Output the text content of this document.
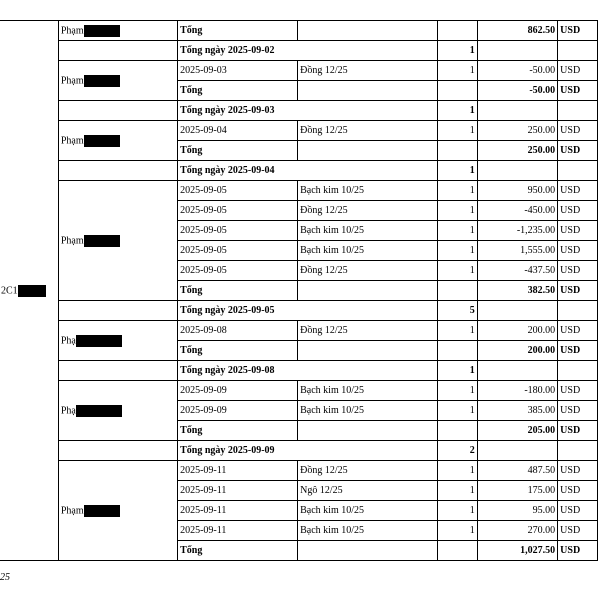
2C1	Phạm	Tổng			862.50	USD
		Tổng ngày 2025-09-02		1		
	Phạm	2025-09-03	Đồng 12/25	1	-50.00	USD
		Tổng			-50.00	USD
		Tổng ngày 2025-09-03		1		
	Phạm	2025-09-04	Đồng 12/25	1	250.00	USD
		Tổng			250.00	USD
		Tổng ngày 2025-09-04		1		
	Phạm	2025-09-05	Bạch kim 10/25	1	950.00	USD
		2025-09-05	Đồng 12/25	1	-450.00	USD
		2025-09-05	Bạch kim 10/25	1	-1,235.00	USD
		2025-09-05	Bạch kim 10/25	1	1,555.00	USD
		2025-09-05	Đồng 12/25	1	-437.50	USD
		Tổng			382.50	USD
		Tổng ngày 2025-09-05		5		
	Phạ	2025-09-08	Đồng 12/25	1	200.00	USD
		Tổng			200.00	USD
		Tổng ngày 2025-09-08		1		
	Phạ	2025-09-09	Bạch kim 10/25	1	-180.00	USD
		2025-09-09	Bạch kim 10/25	1	385.00	USD
		Tổng			205.00	USD
		Tổng ngày 2025-09-09		2		
	Phạm	2025-09-11	Đồng 12/25	1	487.50	USD
		2025-09-11	Ngô 12/25	1	175.00	USD
		2025-09-11	Bạch kim 10/25	1	95.00	USD
		2025-09-11	Bạch kim 10/25	1	270.00	USD
		Tổng			1,027.50	USD
25
